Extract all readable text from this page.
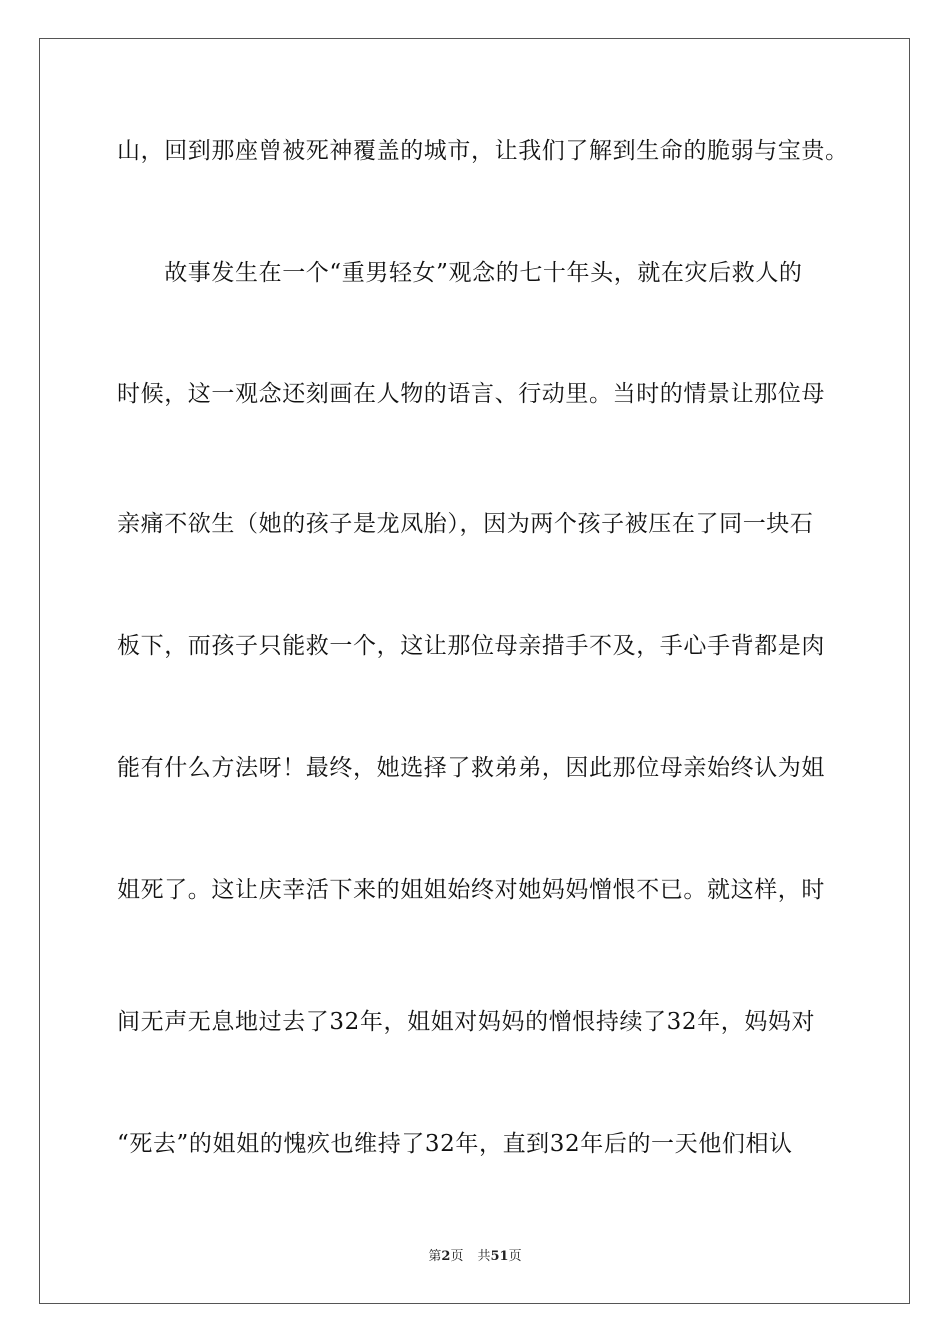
山，回到那座曾被死神覆盖的城市，让我们了解到生命的脆弱与宝贵。
　　故事发生在一个“重男轻女”观念的七十年头，就在灾后救人的
时候，这一观念还刻画在人物的语言、行动里。当时的情景让那位母
亲痛不欲生（她的孩子是龙凤胎），因为两个孩子被压在了同一块石
板下，而孩子只能救一个，这让那位母亲措手不及，手心手背都是肉
能有什么方法呀！最终，她选择了救弟弟，因此那位母亲始终认为姐
姐死了。这让庆幸活下来的姐姐始终对她妈妈憎恨不已。就这样，时
间无声无息地过去了32年，姐姐对妈妈的憎恨持续了32年，妈妈对
“死去”的姐姐的愧疚也维持了32年，直到32年后的一天他们相认
第2页 共51页
